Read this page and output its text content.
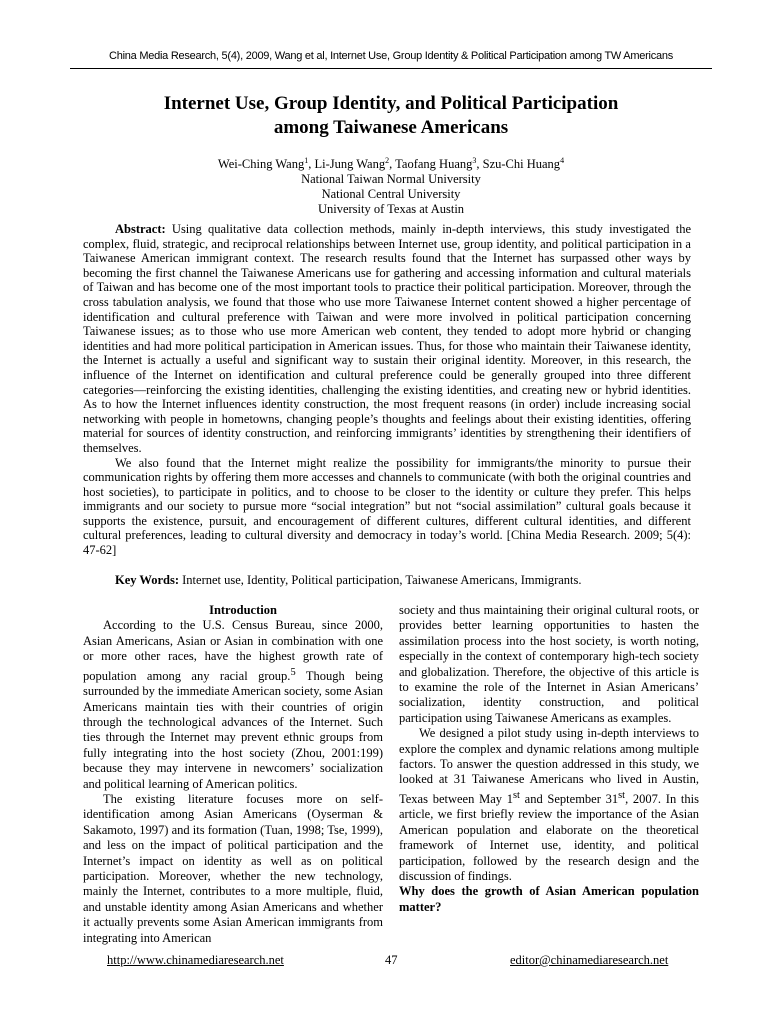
China Media Research, 5(4), 2009, Wang et al, Internet Use, Group Identity & Political Participation among TW Americans
Internet Use, Group Identity, and Political Participation
among Taiwanese Americans
Wei-Ching Wang$^1$, Li-Jung Wang$^2$, Taofang Huang$^3$, Szu-Chi Huang$^4$
National Taiwan Normal University
National Central University
University of Texas at Austin

Abstract: Using qualitative data collection methods, mainly in-depth interviews, this study investigated the complex, fluid, strategic, and reciprocal relationships between Internet use, group identity, and political participation in a Taiwanese American immigrant context. The research results found that the Internet has surpassed other ways by becoming the first channel the Taiwanese Americans use for gathering and accessing information and cultural materials of Taiwan and has become one of the most important tools to practice their political participation. Moreover, through the cross tabulation analysis, we found that those who use more Taiwanese Internet content showed a higher percentage of identification and cultural preference with Taiwan and were more involved in political participation concerning Taiwanese issues; as to those who use more American web content, they tended to adopt more hybrid or changing identities and had more political participation in American issues. Thus, for those who maintain their Taiwanese identity, the Internet is actually a useful and significant way to sustain their original identity. Moreover, in this research, the influence of the Internet on identification and cultural preference could be generally grouped into three different categories—reinforcing the existing identities, challenging the existing identities, and creating new or hybrid identities. As to how the Internet influences identity construction, the most frequent reasons (in order) include increasing social networking with people in hometowns, changing people’s thoughts and feelings about their existing identities, offering material for sources of identity construction, and reinforcing immigrants’ identities by strengthening their identifiers of themselves.

We also found that the Internet might realize the possibility for immigrants/the minority to pursue their communication rights by offering them more accesses and channels to communicate (with both the original countries and host societies), to participate in politics, and to choose to be closer to the identity or culture they prefer. This helps immigrants and our society to pursue more “social integration” but not “social assimilation” cultural goals because it supports the existence, pursuit, and encouragement of different cultures, different cultural identities, and different cultural preferences, leading to cultural diversity and democracy in today’s world. [China Media Research. 2009; 5(4): 47-62]

Key Words: Internet use, Identity, Political participation, Taiwanese Americans, Immigrants.

Introduction

According to the U.S. Census Bureau, since 2000, Asian Americans, Asian or Asian in combination with one or more other races, have the highest growth rate of population among any racial group.$^5$ Though being surrounded by the immediate American society, some Asian Americans maintain ties with their countries of origin through the technological advances of the Internet. Such ties through the Internet may prevent ethnic groups from fully integrating into the host society (Zhou, 2001:199) because they may intervene in newcomers’ socialization and political learning of American politics.

The existing literature focuses more on self-identification among Asian Americans (Oyserman & Sakamoto, 1997) and its formation (Tuan, 1998; Tse, 1999), and less on the impact of political participation and the Internet’s impact on identity as well as on political participation. Moreover, whether the new technology, mainly the Internet, contributes to a more multiple, fluid, and unstable identity among Asian Americans and whether it actually prevents some Asian American immigrants from integrating into American

society and thus maintaining their original cultural roots, or provides better learning opportunities to hasten the assimilation process into the host society, is worth noting, especially in the context of contemporary high-tech society and globalization. Therefore, the objective of this article is to examine the role of the Internet in Asian Americans’ socialization, identity construction, and political participation using Taiwanese Americans as examples.

We designed a pilot study using in-depth interviews to explore the complex and dynamic relations among multiple factors. To answer the question addressed in this study, we looked at 31 Taiwanese Americans who lived in Austin, Texas between May 1st and September 31st, 2007. In this article, we first briefly review the importance of the Asian American population and elaborate on the theoretical framework of Internet use, identity, and political participation, followed by the research design and the discussion of findings.

Why does the growth of Asian American population matter?

http://www.chinamediaresearch.net	47	editor@chinamediaresearch.net
